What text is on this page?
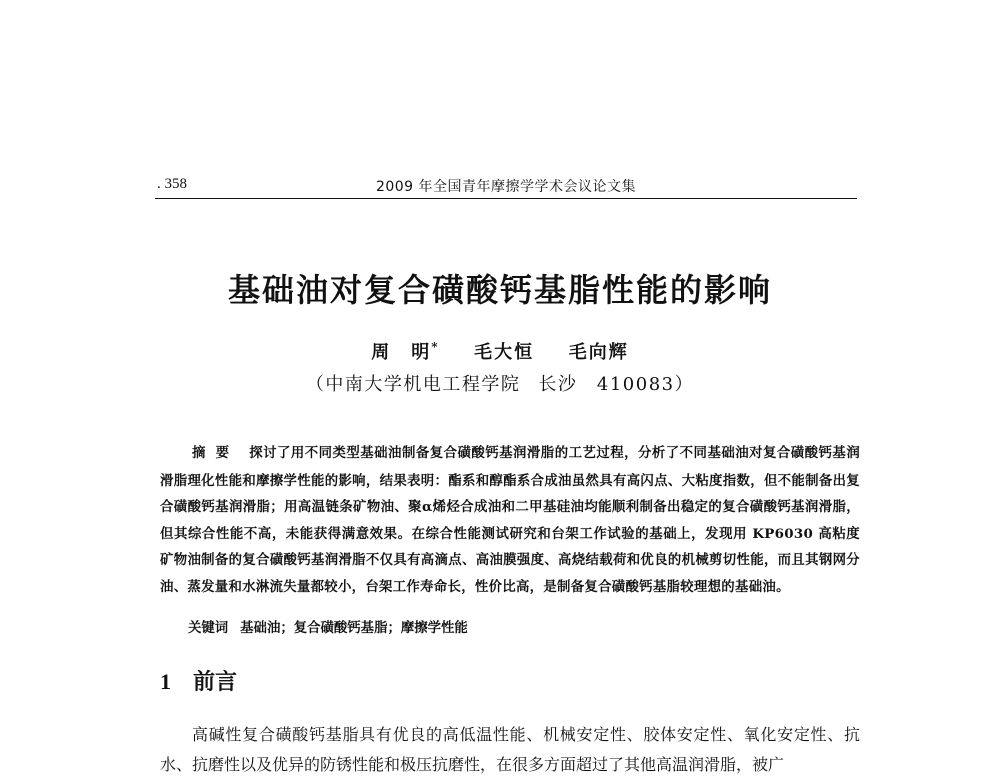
. 358	2009 年全国青年摩擦学学术会议论文集
基础油对复合磺酸钙基脂性能的影响
周　明* 毛大恒 毛向辉
（中南大学机电工程学院 长沙　410083）
摘要 探讨了用不同类型基础油制备复合磺酸钙基润滑脂的工艺过程，分析了不同基础油对复合磺酸钙基润滑脂理化性能和摩擦学性能的影响，结果表明：酯系和醇酯系合成油虽然具有高闪点、大粘度指数，但不能制备出复合磺酸钙基润滑脂；用高温链条矿物油、聚α烯烃合成油和二甲基硅油均能顺利制备出稳定的复合磺酸钙基润滑脂，但其综合性能不高，未能获得满意效果。在综合性能测试研究和台架工作试验的基础上，发现用 KP6030 高粘度矿物油制备的复合磺酸钙基润滑脂不仅具有高滴点、高油膜强度、高烧结载荷和优良的机械剪切性能，而且其钢网分油、蒸发量和水淋流失量都较小，台架工作寿命长，性价比高，是制备复合磺酸钙基脂较理想的基础油。
关键词 基础油；复合磺酸钙基脂；摩擦学性能
1 前言
高碱性复合磺酸钙基脂具有优良的高低温性能、机械安定性、胶体安定性、氧化安定性、抗水、抗磨性以及优异的防锈性能和极压抗磨性，在很多方面超过了其他高温润滑脂，被广
